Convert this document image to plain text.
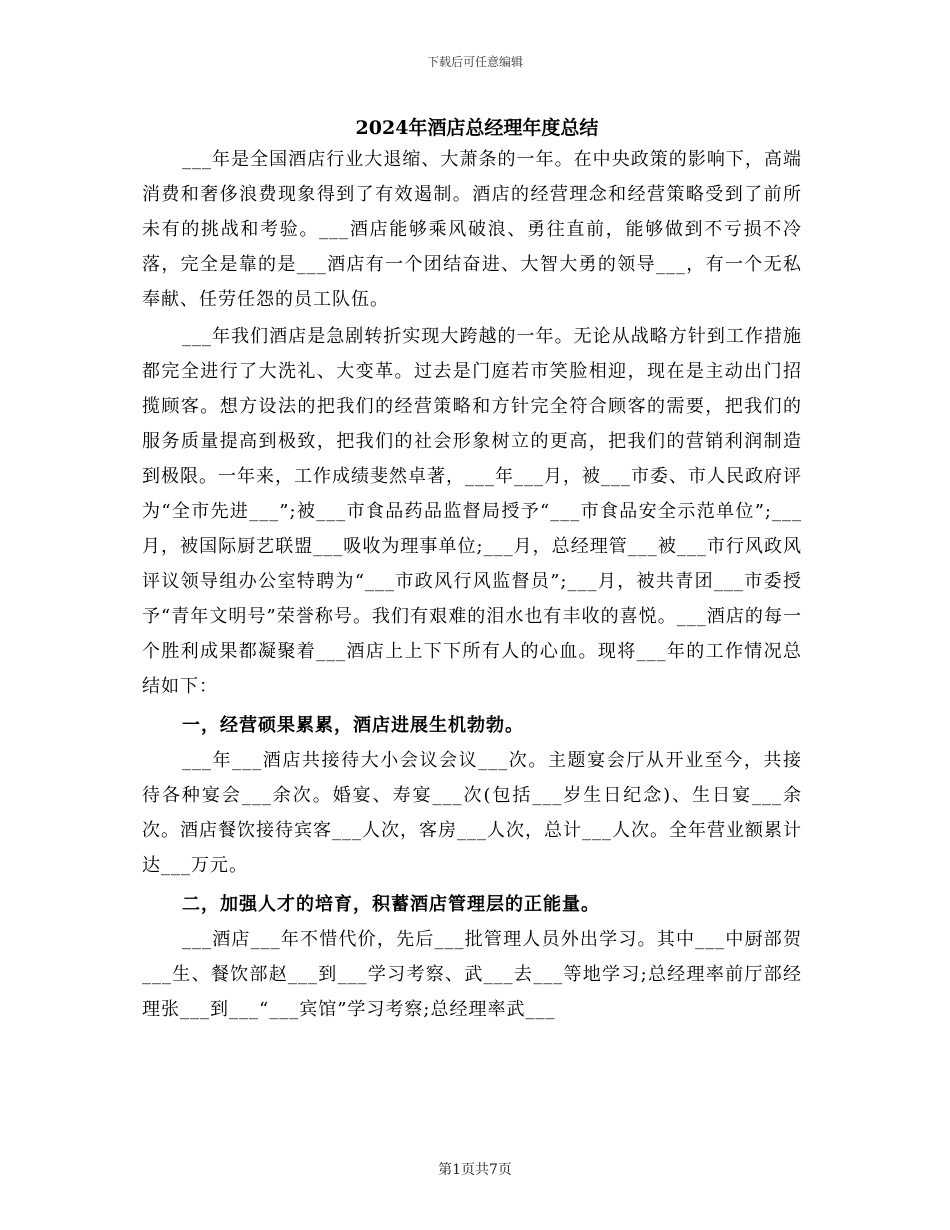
下载后可任意编辑
2024年酒店总经理年度总结

___年是全国酒店行业大退缩、大萧条的一年。在中央政策的影响下，高端消费和奢侈浪费现象得到了有效遏制。酒店的经营理念和经营策略受到了前所未有的挑战和考验。___酒店能够乘风破浪、勇往直前，能够做到不亏损不冷落，完全是靠的是___酒店有一个团结奋进、大智大勇的领导___，有一个无私奉献、任劳任怨的员工队伍。

___年我们酒店是急剧转折实现大跨越的一年。无论从战略方针到工作措施都完全进行了大洗礼、大变革。过去是门庭若市笑脸相迎，现在是主动出门招揽顾客。想方设法的把我们的经营策略和方针完全符合顾客的需要，把我们的服务质量提高到极致，把我们的社会形象树立的更高，把我们的营销利润制造到极限。一年来，工作成绩斐然卓著，___年___月，被___市委、市人民政府评为“全市先进___”;被___市食品药品监督局授予“___市食品安全示范单位”;___月，被国际厨艺联盟___吸收为理事单位;___月，总经理管___被___市行风政风评议领导组办公室特聘为“___市政风行风监督员”;___月，被共青团___市委授予“青年文明号”荣誉称号。我们有艰难的泪水也有丰收的喜悦。___酒店的每一个胜利成果都凝聚着___酒店上上下下所有人的心血。现将___年的工作情况总结如下：

一，经营硕果累累，酒店进展生机勃勃。

___年___酒店共接待大小会议会议___次。主题宴会厅从开业至今，共接待各种宴会___余次。婚宴、寿宴___次(包括___岁生日纪念)、生日宴___余次。酒店餐饮接待宾客___人次，客房___人次，总计___人次。全年营业额累计达___万元。

二，加强人才的培育，积蓄酒店管理层的正能量。

___酒店___年不惜代价，先后___批管理人员外出学习。其中___中厨部贺___生、餐饮部赵___到___学习考察、武___去___等地学习;总经理率前厅部经理张___到___“___宾馆”学习考察;总经理率武___

第1页共7页
